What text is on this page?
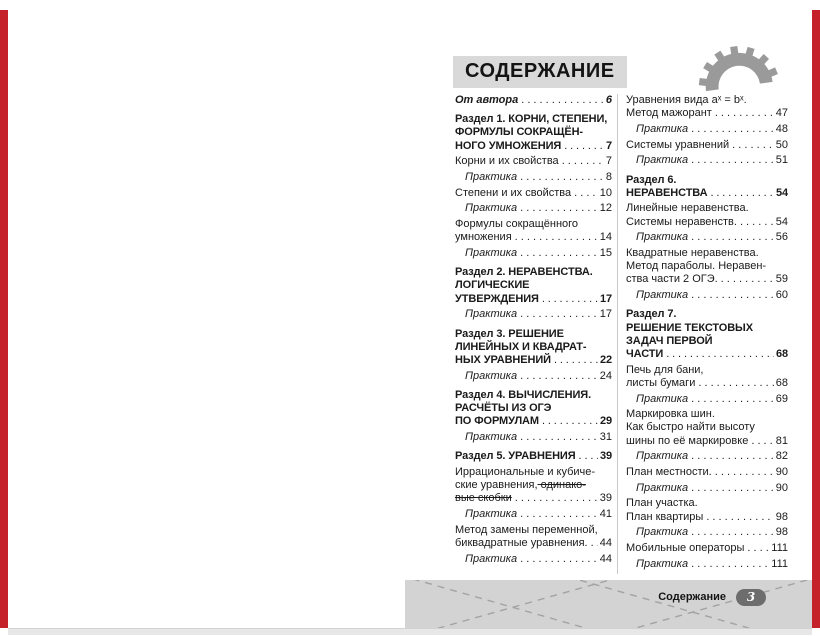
СОДЕРЖАНИЕ
От автора . . .	6
Раздел 1. КОРНИ, СТЕПЕНИ,
ФОРМУЛЫ СОКРАЩЁН-
НОГО УМНОЖЕНИЯ . . .	7
Корни и их свойства . . .	7
Практика . . .	8
Степени и их свойства . . .	10
Практика . . .	12
Формулы сокращённого
умножения . . .	14
Практика . . .	15
Раздел 2. НЕРАВЕНСТВА.
ЛОГИЧЕСКИЕ
УТВЕРЖДЕНИЯ . . .	17
Практика . . .	17
Раздел 3. РЕШЕНИЕ
ЛИНЕЙНЫХ И КВАДРАТ-
НЫХ УРАВНЕНИЙ . . .	22
Практика . . .	24
Раздел 4. ВЫЧИСЛЕНИЯ.
РАСЧЁТЫ ИЗ ОГЭ
ПО ФОРМУЛАМ . . .	29
Практика . . .	31
Раздел 5. УРАВНЕНИЯ . . . 39
Иррациональные и кубиче-
ские уравнения, одинако-
вые скобки . . .	39
Практика . . .	41
Метод замены переменной,
биквадратные уравнения. . . . 44
Практика . . .	44
Уравнения вида aˣ = bˣ.
Метод мажорант . . .	47
Практика . . .	48
Системы уравнений . . .	50
Практика . . .	51
Раздел 6.
НЕРАВЕНСТВА . . .	54
Линейные неравенства.
Системы неравенств. . . .	54
Практика . . .	56
Квадратные неравенства.
Метод параболы. Неравен-
ства части 2 ОГЭ. . . .	59
Практика . . .	60
Раздел 7.
РЕШЕНИЕ ТЕКСТОВЫХ
ЗАДАЧ ПЕРВОЙ
ЧАСТИ . . .	68
Печь для бани,
листы бумаги . . .	68
Практика . . .	69
Маркировка шин.
Как быстро найти высоту
шины по её маркировке . . . 81
Практика . . .	82
План местности. . . .	90
Практика . . .	90
План участка.
План квартиры . . .	98
Практика . . .	98
Мобильные операторы . . . 111
Практика . . .	111
Содержание	3
